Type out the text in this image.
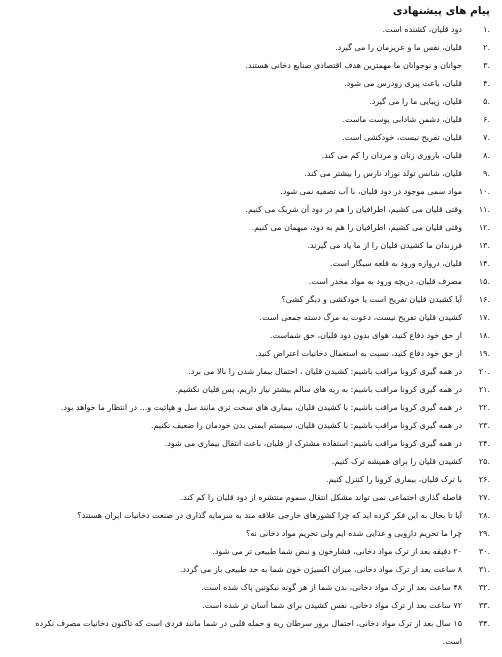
پیام های پیشنهادی
.۱
دود قلیان، کشنده است.
.۲
قلیان، نفس ما و عزیزمان را می گیرد.
.۳
جوانان و نوجوانان ما مهمترین هدف اقتصادی صنایع دخانی هستند.
.۴
قلیان، باعث پیری زودرس می شود.
.۵
قلیان، زیبایی ما را می گیرد.
.۶
قلیان، دشمن شادابی پوست ماست.
.۷
قلیان، تفریح نیست، خودکشی است.
.۸
قلیان، باروری زنان و مردان را کم می کند.
.۹
قلیان، شانس تولد نوزاد نارس را بیشتر می کند.
.۱۰
مواد سمی موجود در دود قلیان، با آب تصفیه نمی شود.
.۱۱
وقتی قلیان می کشیم، اطرافیان را هم در دود آن شریک می کنیم.
.۱۲
وقتی قلیان می کشیم، اطرافیان را هم به دود، میهمان می کنیم.
.۱۳
فرزندان ما کشیدن قلیان را از ما یاد می گیرند.
.۱۴
قلیان، دروازه ورود به قلعه سیگار است.
.۱۵
مصرف قلیان، دریچه ورود به مواد مخدر است.
.۱۶
آیا کشیدن قلیان تفریح است یا خودکشی و دیگر کشی؟
.۱۷
کشیدن قلیان تفریح نیست، دعوت به مرگ دسته جمعی است.
.۱۸
از حق خود دفاع کنید، هوای بدون دود قلیان، حق شماست.
.۱۹
از حق خود دفاع کنید، نسبت به استعمال دخانیات اعتراض کنید.
.۲۰
در همه گیری کرونا مراقب باشیم: کشیدن قلیان ، احتمال بیمار شدن را بالا می برد.
.۲۱
در همه گیری کرونا مراقب باشیم: به ریه های سالم بیشتر نیاز داریم، پس قلیان نکشیم.
.۲۲
در همه گیری کرونا مراقب باشیم: با کشیدن قلیان، بیماری های سخت تری مانند سل و هپاتیت و... در انتظار ما خواهد بود.
.۲۳
در همه گیری کرونا مراقب باشیم: با کشیدن قلیان، سیستم ایمنی بدن خودمان را ضعیف نکنیم.
.۲۴
در همه گیری کرونا مراقب باشیم: استفاده مشترک از قلیان، باعث انتقال بیماری می شود.
.۲۵
کشیدن قلیان را برای همیشه ترک کنیم.
.۲۶
با ترک قلیان، بیماری کرونا را کنترل کنیم.
.۲۷
فاصله گذاری اجتماعی نمی تواند مشکل انتقال سموم منتشره از دود قلیان را کم کند.
.۲۸
آیا تا بحال به این فکر کرده اید که چرا کشورهای خارجی علاقه مند به سرمایه گذاری در صنعت دخانیات ایران هستند؟
.۲۹
چرا ما تحریم دارویی و غذایی شده ایم ولی تحریم مواد دخانی نه؟
.۳۰
۲۰ دقیقه بعد از ترک مواد دخانی، فشارخون و نبض شما طبیعی تر می شود.
.۳۱
۸ ساعت بعد از ترک مواد دخانی، میزان اکسیژن خون شما به حد طبیعی باز می گردد.
.۳۲
۴۸ ساعت بعد از ترک مواد دخانی، بدن شما از هر گونه نیکوتین پاک شده است.
.۳۳
۷۲ ساعت بعد از ترک مواد دخانی، نفس کشیدن برای شما آسان تر شده است.
.۳۴
۱۵ سال بعد از ترک مواد دخانی، احتمال بروز سرطان ریه و حمله قلبی در شما مانند فردی است که تاکنون دخانیات مصرف نکرده است.
